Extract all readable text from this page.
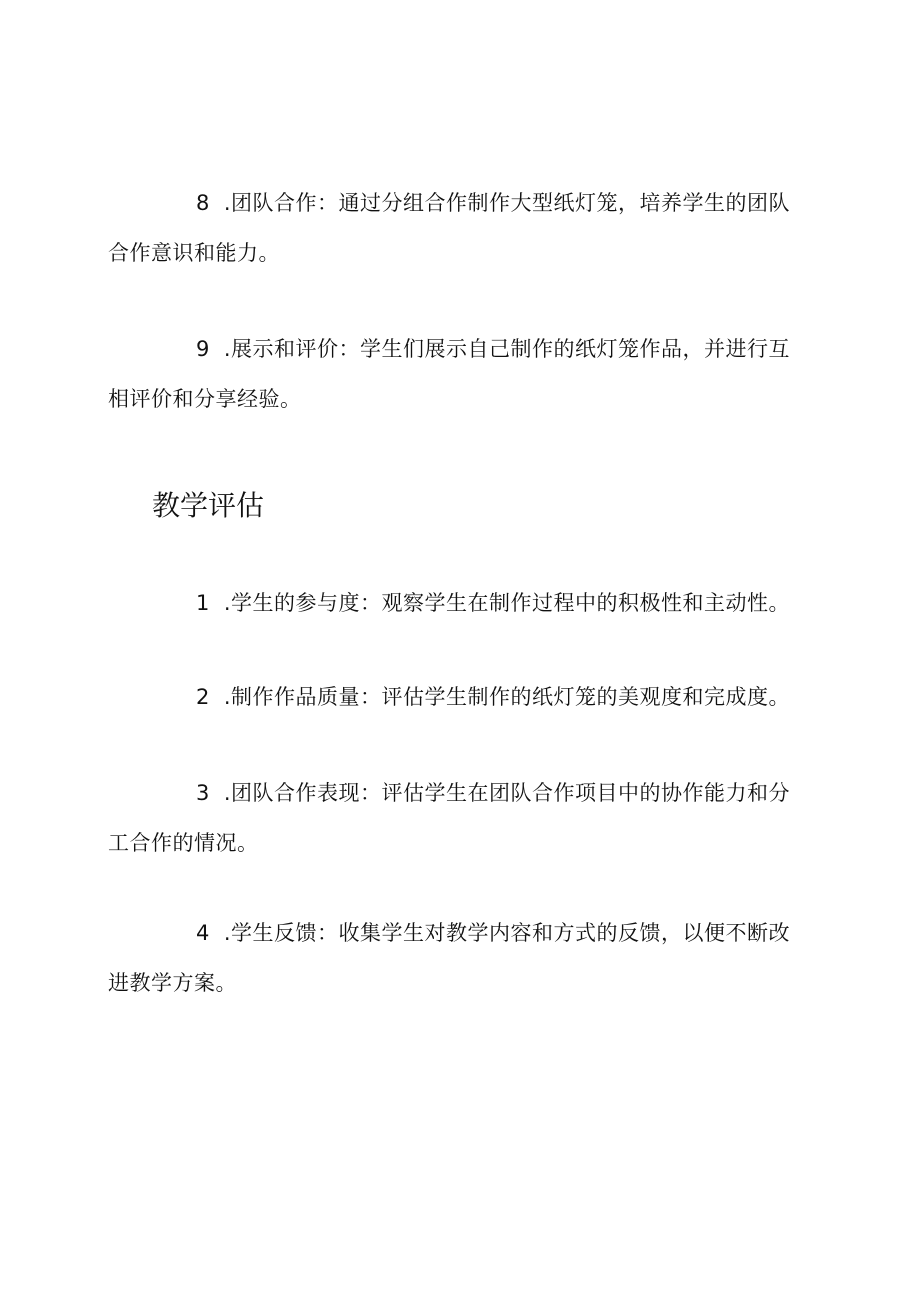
8 .团队合作：通过分组合作制作大型纸灯笼，培养学生的团队合作意识和能力。

9 .展示和评价：学生们展示自己制作的纸灯笼作品，并进行互相评价和分享经验。

教学评估

1 .学生的参与度：观察学生在制作过程中的积极性和主动性。

2 .制作作品质量：评估学生制作的纸灯笼的美观度和完成度。

3 .团队合作表现：评估学生在团队合作项目中的协作能力和分工合作的情况。

4 .学生反馈：收集学生对教学内容和方式的反馈，以便不断改进教学方案。
